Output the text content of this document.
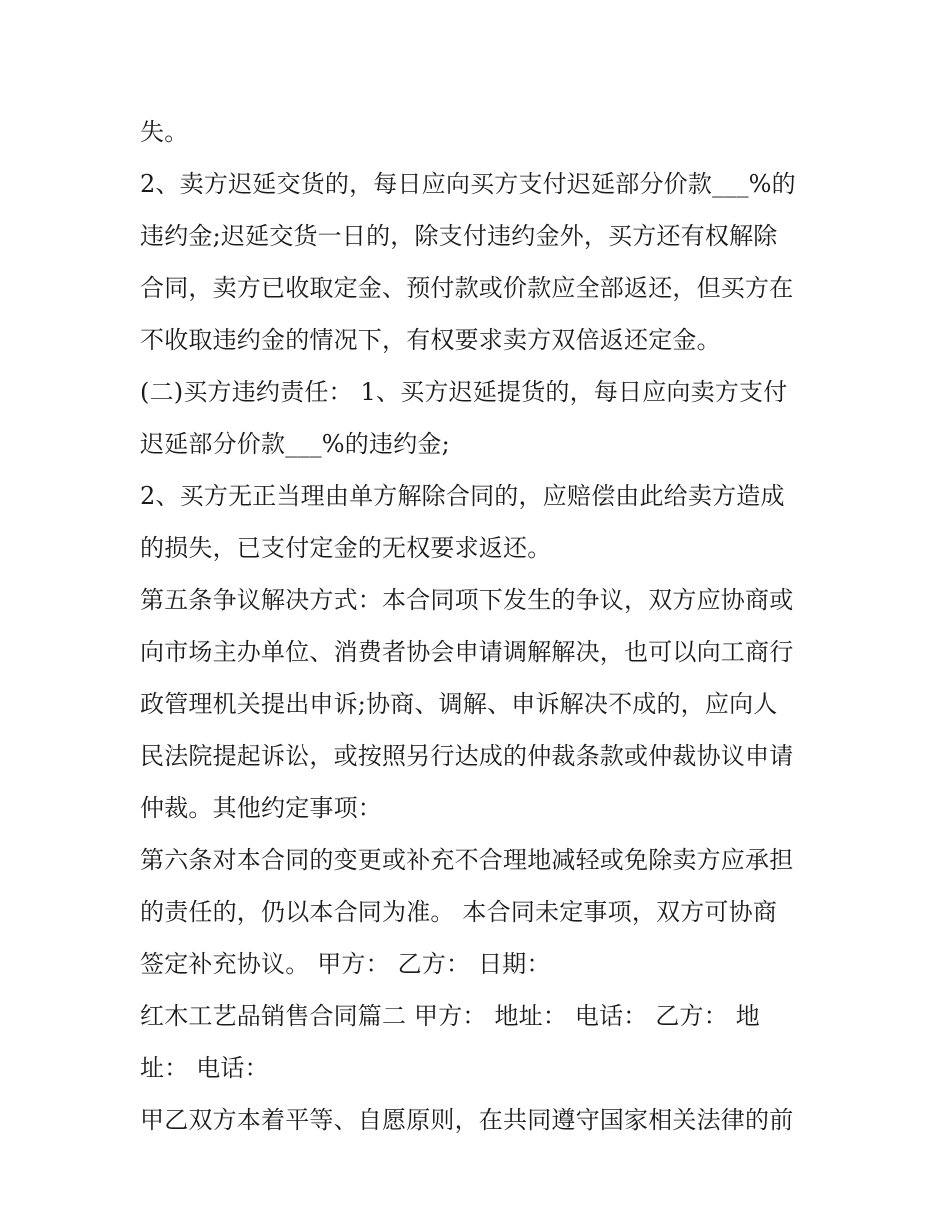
失。
2、卖方迟延交货的，每日应向买方支付迟延部分价款___%的
违约金;迟延交货一日的，除支付违约金外，买方还有权解除
合同，卖方已收取定金、预付款或价款应全部返还，但买方在
不收取违约金的情况下，有权要求卖方双倍返还定金。
(二)买方违约责任： 1、买方迟延提货的，每日应向卖方支付
迟延部分价款___%的违约金;
2、买方无正当理由单方解除合同的，应赔偿由此给卖方造成
的损失，已支付定金的无权要求返还。
第五条争议解决方式：本合同项下发生的争议，双方应协商或
向市场主办单位、消费者协会申请调解解决，也可以向工商行
政管理机关提出申诉;协商、调解、申诉解决不成的，应向人
民法院提起诉讼，或按照另行达成的仲裁条款或仲裁协议申请
仲裁。其他约定事项：
第六条对本合同的变更或补充不合理地减轻或免除卖方应承担
的责任的，仍以本合同为准。 本合同未定事项，双方可协商
签定补充协议。 甲方： 乙方： 日期：
红木工艺品销售合同篇二 甲方： 地址： 电话： 乙方： 地
址： 电话：
甲乙双方本着平等、自愿原则，在共同遵守国家相关法律的前
